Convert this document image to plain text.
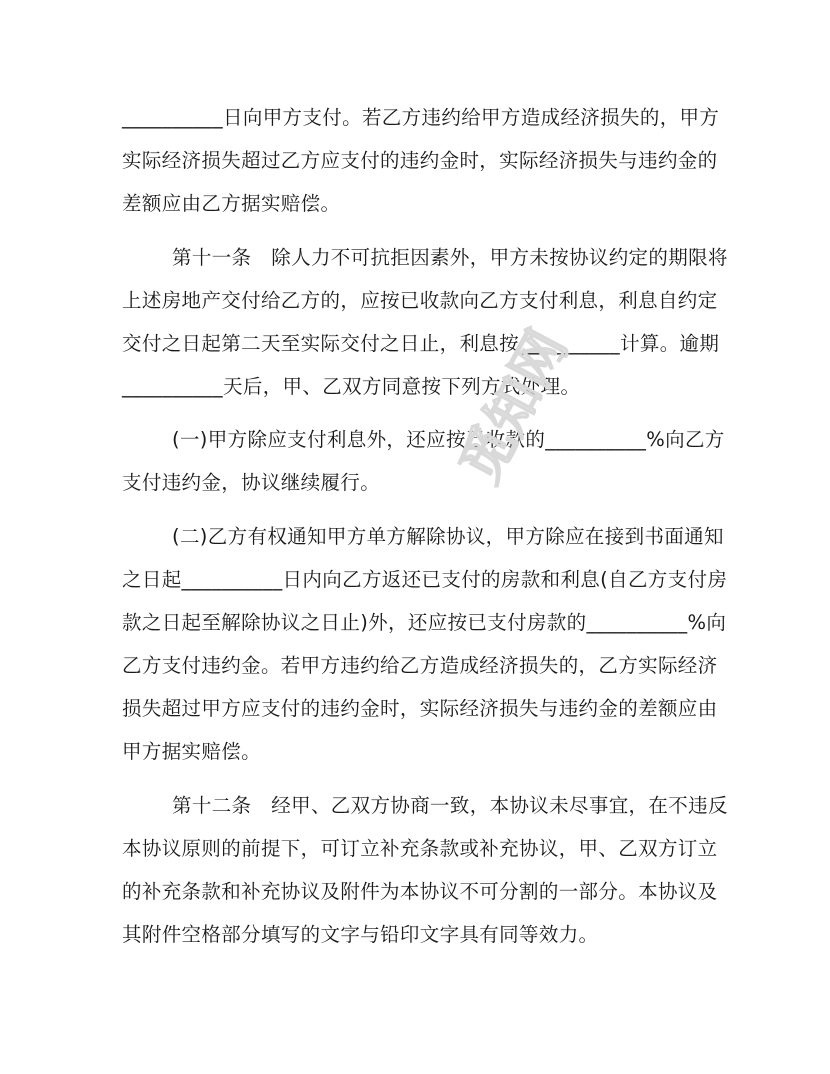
__________日向甲方支付。若乙方违约给甲方造成经济损失的，甲方

实际经济损失超过乙方应支付的违约金时，实际经济损失与违约金的

差额应由乙方据实赔偿。

第十一条　除人力不可抗拒因素外，甲方未按协议约定的期限将

上述房地产交付给乙方的，应按已收款向乙方支付利息，利息自约定

交付之日起第二天至实际交付之日止，利息按__________计算。逾期

__________天后，甲、乙双方同意按下列方式处理。

(一)甲方除应支付利息外，还应按已收款的__________%向乙方

支付违约金，协议继续履行。

(二)乙方有权通知甲方单方解除协议，甲方除应在接到书面通知

之日起__________日内向乙方返还已支付的房款和利息(自乙方支付房

款之日起至解除协议之日止)外，还应按已支付房款的__________%向

乙方支付违约金。若甲方违约给乙方造成经济损失的，乙方实际经济

损失超过甲方应支付的违约金时，实际经济损失与违约金的差额应由

甲方据实赔偿。

第十二条　经甲、乙双方协商一致，本协议未尽事宜，在不违反

本协议原则的前提下，可订立补充条款或补充协议，甲、乙双方订立

的补充条款和补充协议及附件为本协议不可分割的一部分。本协议及

其附件空格部分填写的文字与铅印文字具有同等效力。

觅知网
